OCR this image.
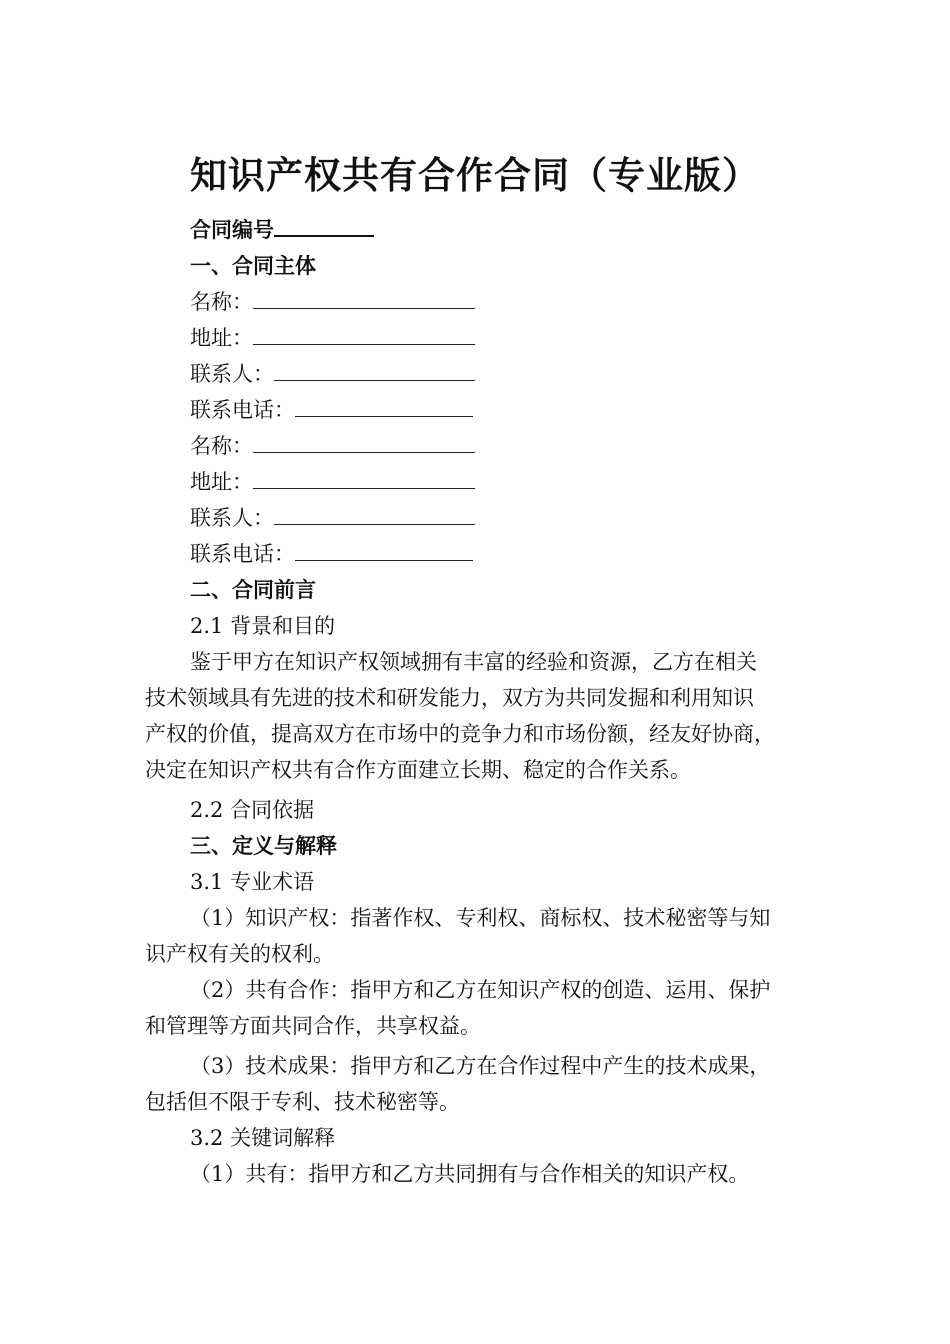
知识产权共有合作合同（专业版）
合同编号
一、合同主体
名称：
地址：
联系人：
联系电话：
名称：
地址：
联系人：
联系电话：
二、合同前言
2.1 背景和目的
鉴于甲方在知识产权领域拥有丰富的经验和资源，乙方在相关
技术领域具有先进的技术和研发能力，双方为共同发掘和利用知识
产权的价值，提高双方在市场中的竞争力和市场份额，经友好协商，
决定在知识产权共有合作方面建立长期、稳定的合作关系。
2.2 合同依据
三、定义与解释
3.1 专业术语
（1）知识产权：指著作权、专利权、商标权、技术秘密等与知
识产权有关的权利。
（2）共有合作：指甲方和乙方在知识产权的创造、运用、保护
和管理等方面共同合作，共享权益。
（3）技术成果：指甲方和乙方在合作过程中产生的技术成果，
包括但不限于专利、技术秘密等。
3.2 关键词解释
（1）共有：指甲方和乙方共同拥有与合作相关的知识产权。
